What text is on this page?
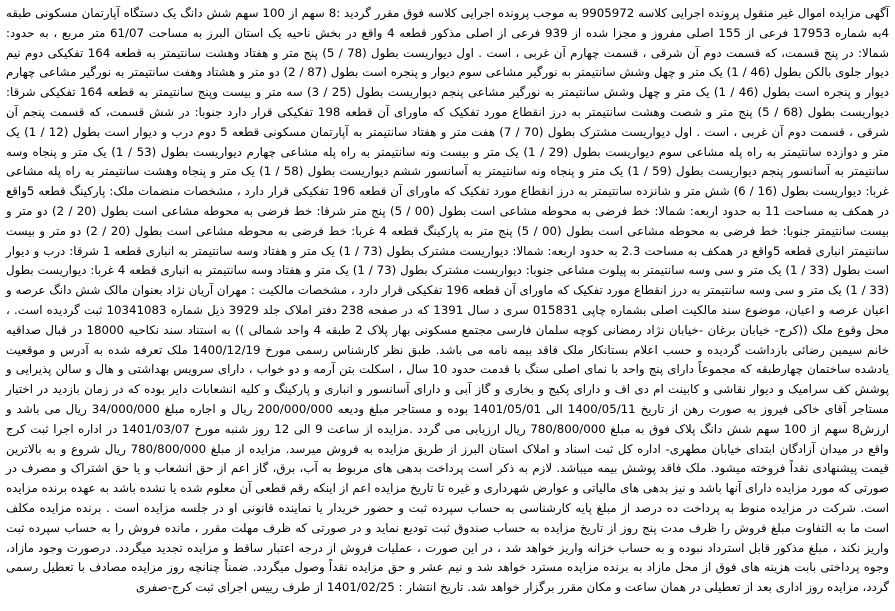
آگهی مزایده اموال غیر منقول پرونده اجرایی کلاسه 9905972 به موجب پرونده اجرایی کلاسه فوق مقرر گردید :8 سهم از 100 سهم شش دانگ یک دستگاه آپارتمان مسکونی طبقه 4به شماره 17953 فرعی از 155 اصلی مفروز و مجزا شده از 939 فرعی از اصلی مذکور قطعه 4 واقع در بخش ناحیه یک استان البرز به مساحت 61/07 متر مربع ، به حدود: شمالا: در پنج قسمت، که قسمت دوم آن شرقی ، قسمت چهارم آن غربی ، است . اول دیواریست بطول (78 / 5) پنج متر و هفتاد وهشت سانتیمتر به قطعه 164 تفکیکی دوم نیم دیوار جلوی بالکن بطول (46 / 1) یک متر و چهل وشش سانتیمتر به نورگیر مشاعی سوم دیوار و پنجره است بطول (87 / 2) دو متر و هشتاد وهفت سانتیمتر به نورگیر مشاعی چهارم دیوار و پنجره است بطول (46 / 1) یک متر و چهل وشش سانتیمتر به نورگیر مشاعی پنجم دیواریست بطول (25 / 3) سه متر و بیست وپنج سانتیمتر به قطعه 164 تفکیکی شرقا: دیواریست بطول (68 / 5) پنج متر و شصت وهشت سانتیمتر به درز انقطاع مورد تفکیک که ماورای آن قطعه 198 تفکیکی قرار دارد جنوبا: در شش قسمت، که قسمت پنجم آن شرقی ، قسمت دوم آن غربی ، است . اول دیواریست مشترک بطول (70 / 7) هفت متر و هفتاد سانتیمتر به آپارتمان مسکونی قطعه 5 دوم درب و دیوار است بطول (12 / 1) یک متر و دوازده سانتیمتر به راه پله مشاعی سوم دیواریست بطول (29 / 1) یک متر و بیست ونه سانتیمتر به راه پله مشاعی چهارم دیواریست بطول (53 / 1) یک متر و پنجاه وسه سانتیمتر به آسانسور پنجم دیواریست بطول (59 / 1) یک متر و پنجاه ونه سانتیمتر به آسانسور ششم دیواریست بطول (58 / 1) یک متر و پنجاه وهشت سانتیمتر به راه پله مشاعی غربا: دیواریست بطول (16 / 6) شش متر و شانزده سانتیمتر به درز انقطاع مورد تفکیک که ماورای آن قطعه 196 تفکیکی قرار دارد ، مشخصات منضمات ملک: پارکینگ قطعه 5واقع در همکف به مساحت 11 به حدود اربعه: شمالا: خط فرضی به محوطه مشاعی است بطول (00 / 5) پنج متر شرقا: خط فرضی به محوطه مشاعی است بطول (20 / 2) دو متر و بیست سانتیمتر جنوبا: خط فرضی به محوطه مشاعی است بطول (00 / 5) پنج متر به پارکینگ قطعه 4 غربا: خط فرضی به محوطه مشاعی است بطول (20 / 2) دو متر و بیست سانتیمتر انباری قطعه 5واقع در همکف به مساحت 2.3 به حدود اربعه: شمالا: دیواریست مشترک بطول (73 / 1) یک متر و هفتاد وسه سانتیمتر به انباری قطعه 1 شرقا: درب و دیوار است بطول (33 / 1) یک متر و سی وسه سانتیمتر به پیلوت مشاعی جنوبا: دیواریست مشترک بطول (73 / 1) یک متر و هفتاد وسه سانتیمتر به انباری قطعه 4 غربا: دیواریست بطول (33 / 1) یک متر و سی وسه سانتیمتر به درز انقطاع مورد تفکیک که ماورای آن قطعه 196 تفکیکی قرار دارد ، مشخصات مالکیت : مهران آریان نژاد بعنوان مالک شش دانگ عرصه و اعیان عرصه و اعیان، موضوع سند مالکیت اصلی بشماره چاپی 015831 سری د سال 1391 که در صفحه 238 دفتر املاک جلد 3929 ذیل شماره 10341083 ثبت گردیده است. ، محل وقوع ملک ((کرج- خیابان برغان -خیابان نژاد رمضانی کوچه سلمان فارسی مجتمع مسکونی بهار پلاک 2 طبقه 4 واحد شمالی )) به استناد سند نکاحیه 18000 در قبال صداقیه خانم سیمین رضائی بازداشت گردیده و حسب اعلام بستانکار ملک فاقد بیمه نامه می باشد. طبق نظر کارشناس رسمی مورخ 1400/12/19 ملک تعرفه شده به آدرس و موقعیت یادشده ساختمان چهارطبقه که مجموعاً دارای پنج واحد با نمای اصلی سنگ با قدمت حدود 10 سال ، اسکلت بتن آرمه و دو خواب ، دارای سرویس بهداشتی و هال و سالن پذیرایی و پوشش کف سرامیک و دیوار نقاشی و کابینت ام دی اف و دارای پکیج و بخاری و گاز آبی و دارای آسانسور و انباری و پارکینگ و کلیه انشعابات دایر بوده که در زمان بازدید در اختیار مستاجر آقای خاکی فیروز به صورت رهن از تاریخ 1400/05/11 الی 1401/05/01 بوده و مستاجر مبلغ ودیعه 200/000/000 ریال و اجاره مبلغ 34/000/000 ریال می باشد و ارزش8 سهم از 100 سهم شش دانگ پلاک فوق به مبلغ 780/800/000 ریال ارزیابی می گردد .مزایده از ساعت 9 الی 12 روز شنبه مورخ 1401/03/07 در اداره اجرا ثبت کرج واقع در میدان آزادگان ابتدای خیابان مطهری- اداره کل ثبت اسناد و املاک استان البرز از طریق مزایده به فروش میرسد. مزایده از مبلغ 780/800/000 ریال شروع و به بالاترین قیمت پیشنهادی نقداً فروخته میشود. ملک فاقد پوشش بیمه میباشد. لازم به ذکر است پرداخت بدهی های مربوط به آب، برق، گاز اعم از حق انشعاب و یا حق اشتراک و مصرف در صورتی که مورد مزایده دارای آنها باشد و نیز بدهی های مالیاتی و عوارض شهرداری و غیره تا تاریخ مزایده اعم از اینکه رقم قطعی آن معلوم شده یا نشده باشد به عهده برنده مزایده است. شرکت در مزایده منوط به پرداخت ده درصد از مبلغ پایه کارشناسی به حساب سپرده ثبت و حضور خریدار یا نماینده قانونی او در جلسه مزایده است . برنده مزایده مکلف است ما به التفاوت مبلغ فروش را ظرف مدت پنج روز از تاریخ مزایده به حساب صندوق ثبت تودیع نماید و در صورتی که ظرف مهلت مقرر ، مانده فروش را به حساب سپرده ثبت واریز نکند ، مبلغ مذکور قابل استرداد نبوده و به حساب خزانه واریز خواهد شد ، در این صورت ، عملیات فروش از درجه اعتبار ساقط و مزایده تجدید میگردد. درصورت وجود مازاد، وجوه پرداختی بابت هزینه های فوق از محل مازاد به برنده مزایده مسترد خواهد شد و نیم عشر و حق مزایده نقداً وصول میگردد. ضمناً چنانچه روز مزایده مصادف با تعطیل رسمی گردد، مزایده روز اداری بعد از تعطیلی در همان ساعت و مکان مقرر برگزار خواهد شد. تاریخ انتشار : 1401/02/25 از طرف رییس اجرای ثبت کرج-صفری
